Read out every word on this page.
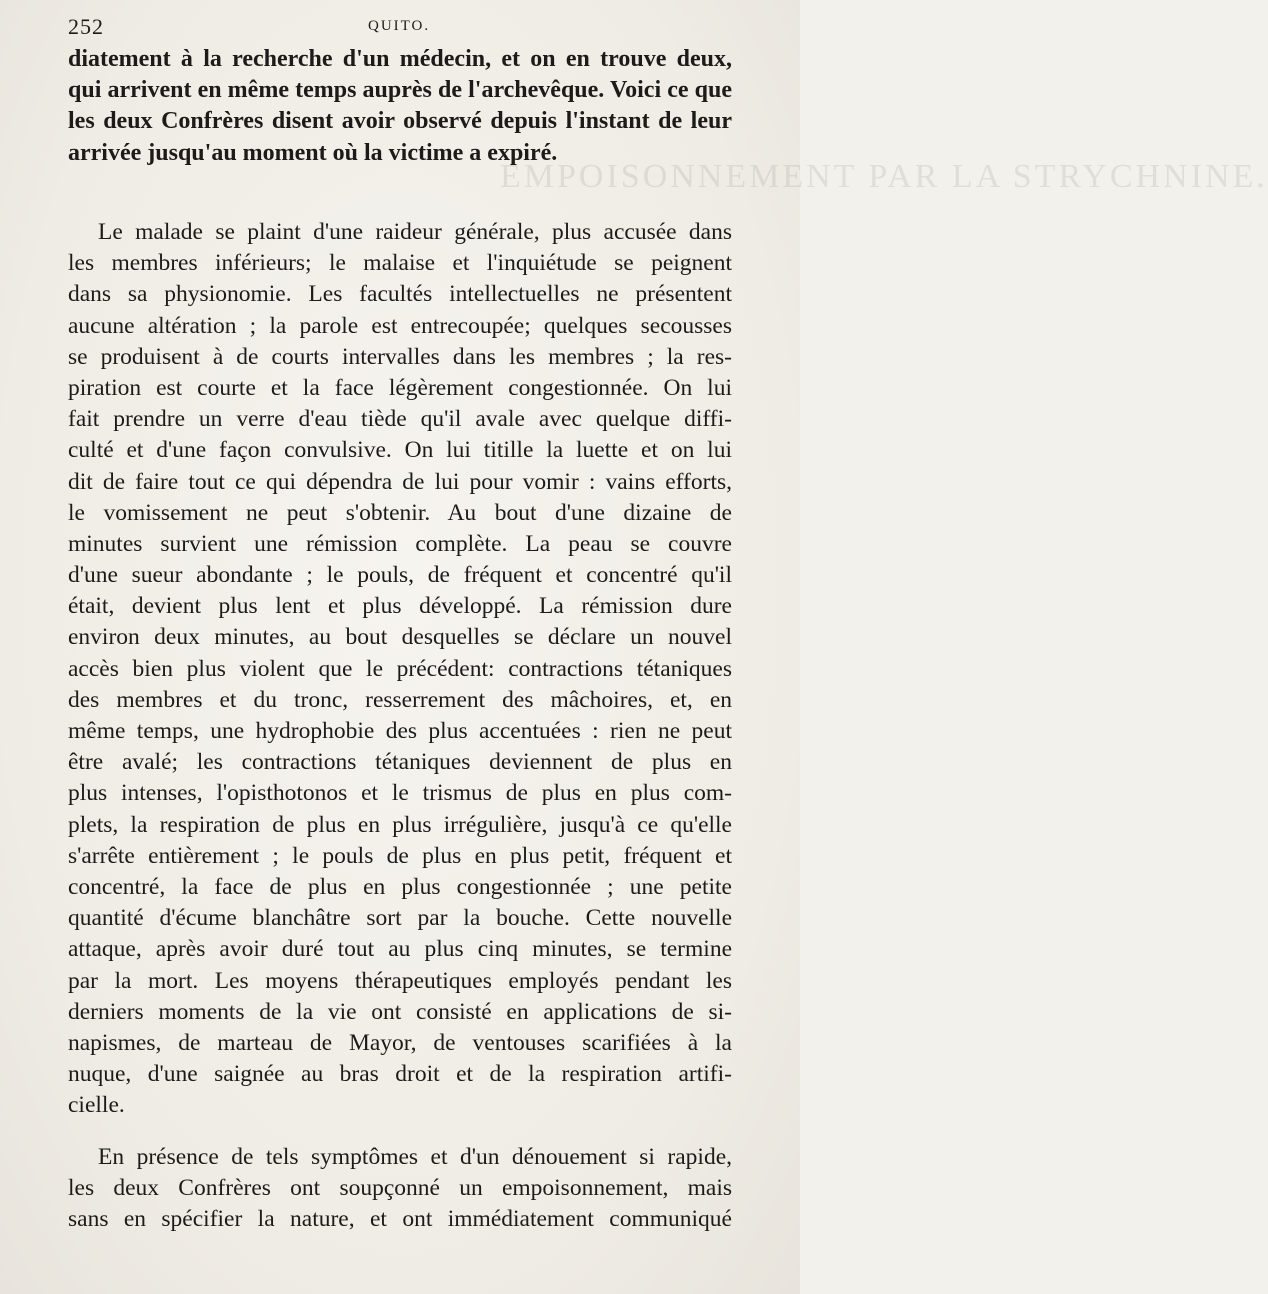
EMPOISONNEMENT PAR LA STRYCHNINE.
252	QUITO.
diatement à la recherche d'un médecin, et on en trouve deux,
qui arrivent en même temps auprès de l'archevêque. Voici ce que
les deux Confrères disent avoir observé depuis l'instant de leur
arrivée jusqu'au moment où la victime a expiré.
Le malade se plaint d'une raideur générale, plus accusée dans
les membres inférieurs; le malaise et l'inquiétude se peignent
dans sa physionomie. Les facultés intellectuelles ne présentent
aucune altération ; la parole est entrecoupée; quelques secousses
se produisent à de courts intervalles dans les membres ; la res-
piration est courte et la face légèrement congestionnée. On lui
fait prendre un verre d'eau tiède qu'il avale avec quelque diffi-
culté et d'une façon convulsive. On lui titille la luette et on lui
dit de faire tout ce qui dépendra de lui pour vomir : vains efforts,
le vomissement ne peut s'obtenir. Au bout d'une dizaine de
minutes survient une rémission complète. La peau se couvre
d'une sueur abondante ; le pouls, de fréquent et concentré qu'il
était, devient plus lent et plus développé. La rémission dure
environ deux minutes, au bout desquelles se déclare un nouvel
accès bien plus violent que le précédent: contractions tétaniques
des membres et du tronc, resserrement des mâchoires, et, en
même temps, une hydrophobie des plus accentuées : rien ne peut
être avalé; les contractions tétaniques deviennent de plus en
plus intenses, l'opisthotonos et le trismus de plus en plus com-
plets, la respiration de plus en plus irrégulière, jusqu'à ce qu'elle
s'arrête entièrement ; le pouls de plus en plus petit, fréquent et
concentré, la face de plus en plus congestionnée ; une petite
quantité d'écume blanchâtre sort par la bouche. Cette nouvelle
attaque, après avoir duré tout au plus cinq minutes, se termine
par la mort. Les moyens thérapeutiques employés pendant les
derniers moments de la vie ont consisté en applications de si-
napismes, de marteau de Mayor, de ventouses scarifiées à la
nuque, d'une saignée au bras droit et de la respiration artifi-
cielle.
En présence de tels symptômes et d'un dénouement si rapide,
les deux Confrères ont soupçonné un empoisonnement, mais
sans en spécifier la nature, et ont immédiatement communiqué
